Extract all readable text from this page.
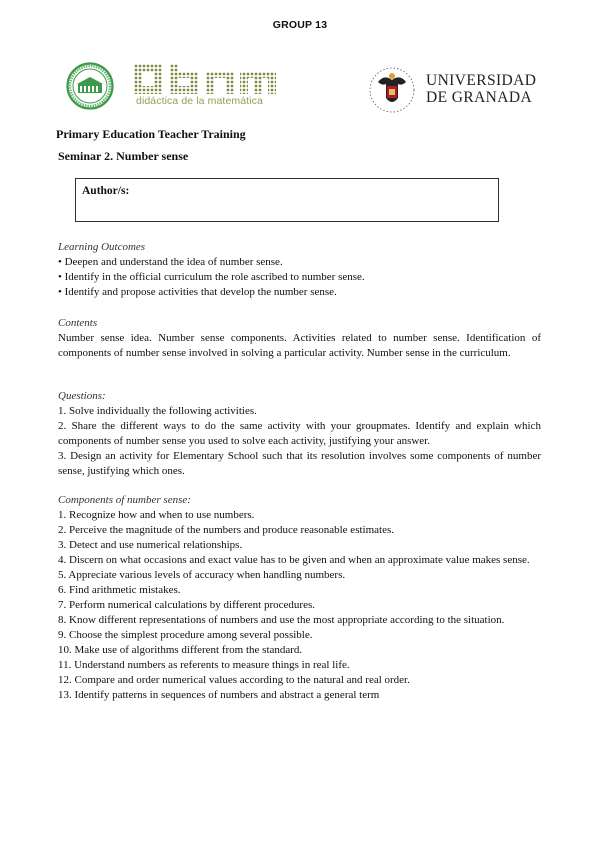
GROUP 13
didáctica de la matemática
UNIVERSIDAD
DE GRANADA
Primary Education Teacher Training
Seminar 2. Number sense
Author/s:
Learning Outcomes
• Deepen and understand the idea of number sense.
• Identify in the official curriculum the role ascribed to number sense.
• Identify and propose activities that develop the number sense.
Contents
Number sense idea. Number sense components. Activities related to number sense. Identification of components of number sense involved in solving a particular activity. Number sense in the curriculum.
Questions:
1. Solve individually the following activities.
2. Share the different ways to do the same activity with your groupmates. Identify and explain which components of number sense you used to solve each activity, justifying your answer.
3. Design an activity for Elementary School such that its resolution involves some components of number sense, justifying which ones.
Components of number sense:
1. Recognize how and when to use numbers.
2. Perceive the magnitude of the numbers and produce reasonable estimates.
3. Detect and use numerical relationships.
4. Discern on what occasions and exact value has to be given and when an approximate value makes sense.
5. Appreciate various levels of accuracy when handling numbers.
6. Find arithmetic mistakes.
7. Perform numerical calculations by different procedures.
8. Know different representations of numbers and use the most appropriate according to the situation.
9. Choose the simplest procedure among several possible.
10. Make use of algorithms different from the standard.
11. Understand numbers as referents to measure things in real life.
12. Compare and order numerical values according to the natural and real order.
13. Identify patterns in sequences of numbers and abstract a general term
